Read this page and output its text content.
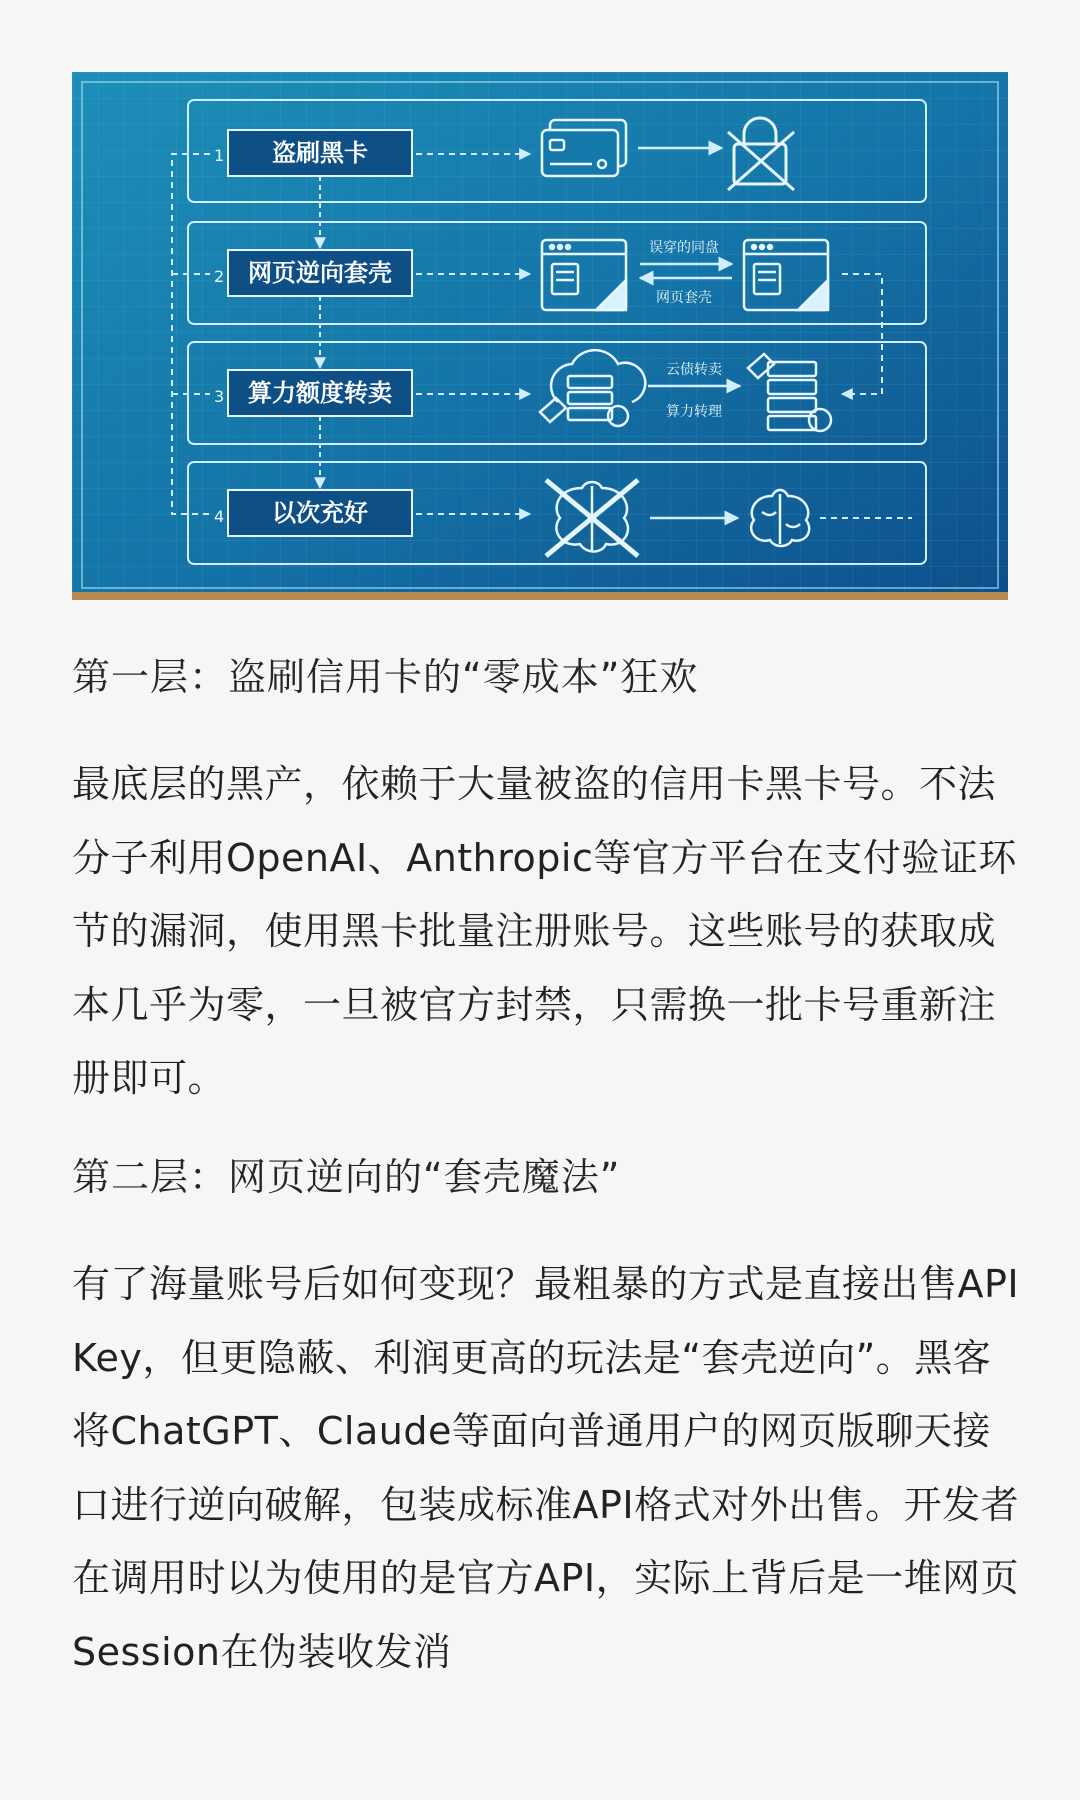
1 盗刷黑卡
2 网页逆向套壳
3 算力额度转卖
4 以次充好
误穿的同盘
网页套壳
云债转卖
算力转理

第一层：盗刷信用卡的“零成本”狂欢

最底层的黑产，依赖于大量被盗的信用卡黑卡号。不法分子利用OpenAI、Anthropic等官方平台在支付验证环节的漏洞，使用黑卡批量注册账号。这些账号的获取成本几乎为零，一旦被官方封禁，只需换一批卡号重新注册即可。

第二层：网页逆向的“套壳魔法”

有了海量账号后如何变现？最粗暴的方式是直接出售API Key，但更隐蔽、利润更高的玩法是“套壳逆向”。黑客将ChatGPT、Claude等面向普通用户的网页版聊天接口进行逆向破解，包装成标准API格式对外出售。开发者在调用时以为使用的是官方API，实际上背后是一堆网页Session在伪装收发消
